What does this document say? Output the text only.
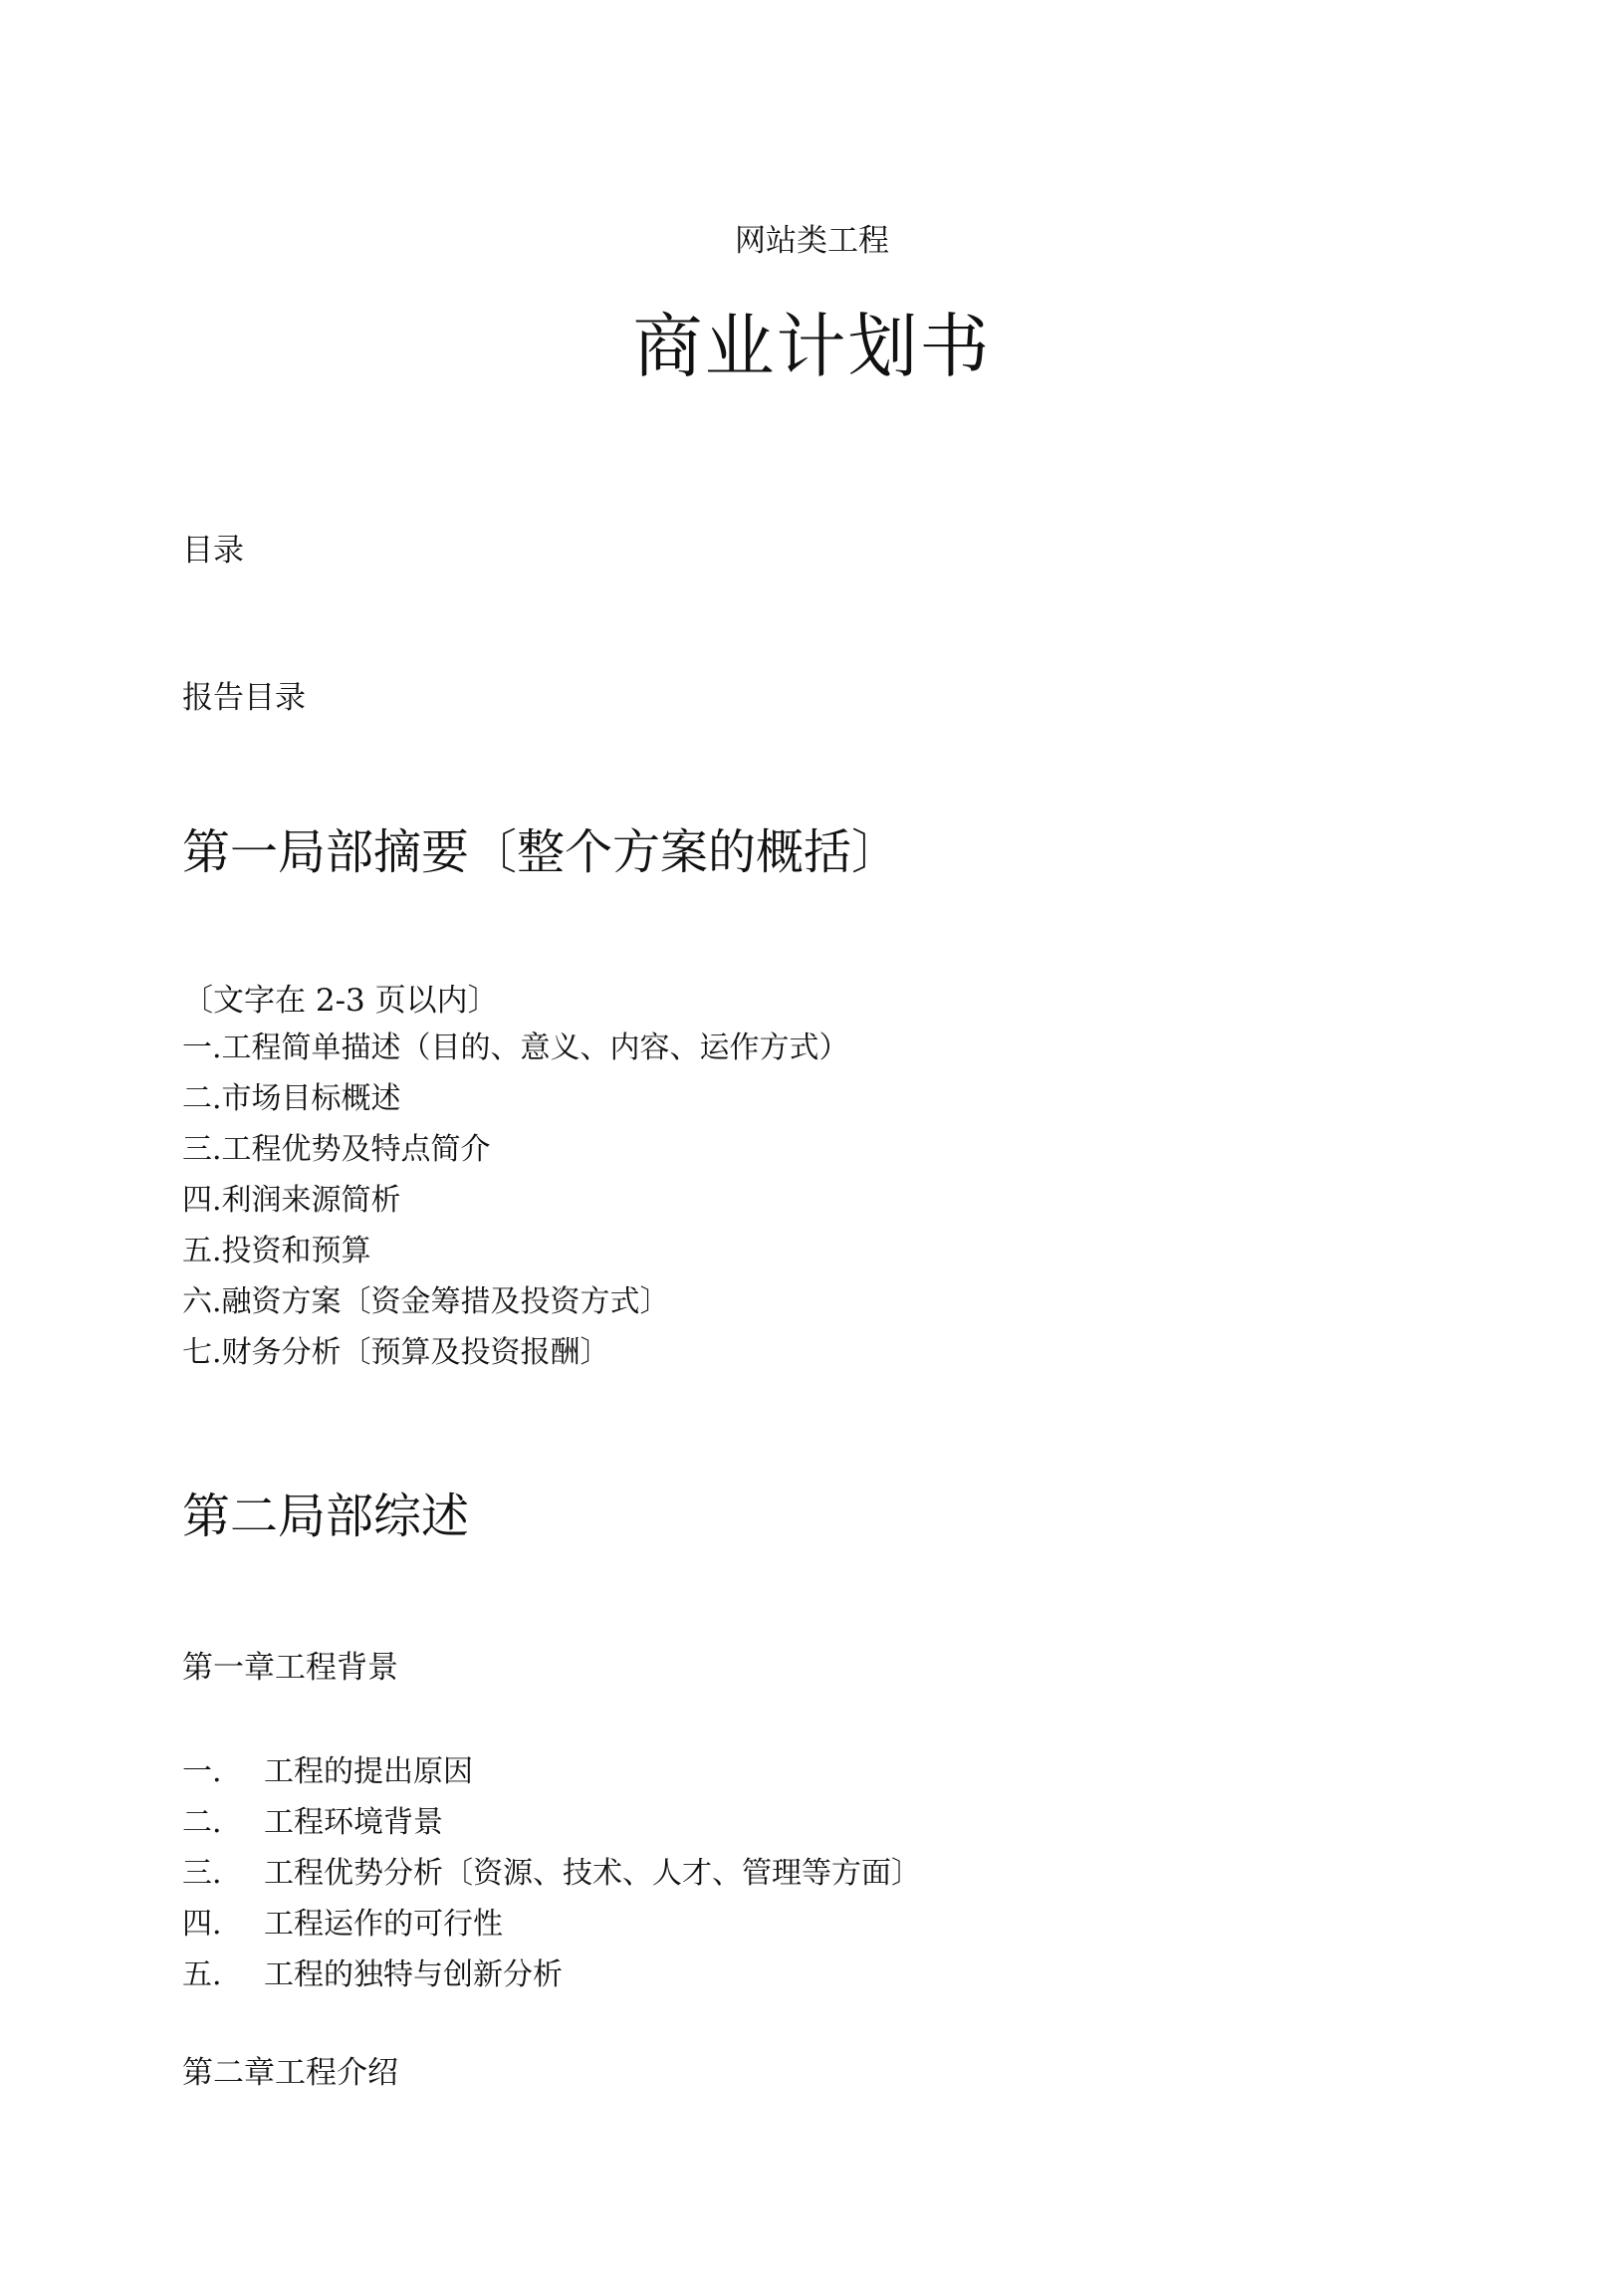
网站类工程
商业计划书
目录
报告目录
第一局部摘要〔整个方案的概括〕
〔文字在 2-3 页以内〕
一.工程简单描述（目的、意义、内容、运作方式）
二.市场目标概述
三.工程优势及特点简介
四.利润来源简析
五.投资和预算
六.融资方案〔资金筹措及投资方式〕
七.财务分析〔预算及投资报酬〕
第二局部综述
第一章工程背景
一. 工程的提出原因
二. 工程环境背景
三. 工程优势分析〔资源、技术、人才、管理等方面〕
四. 工程运作的可行性
五. 工程的独特与创新分析
第二章工程介绍
